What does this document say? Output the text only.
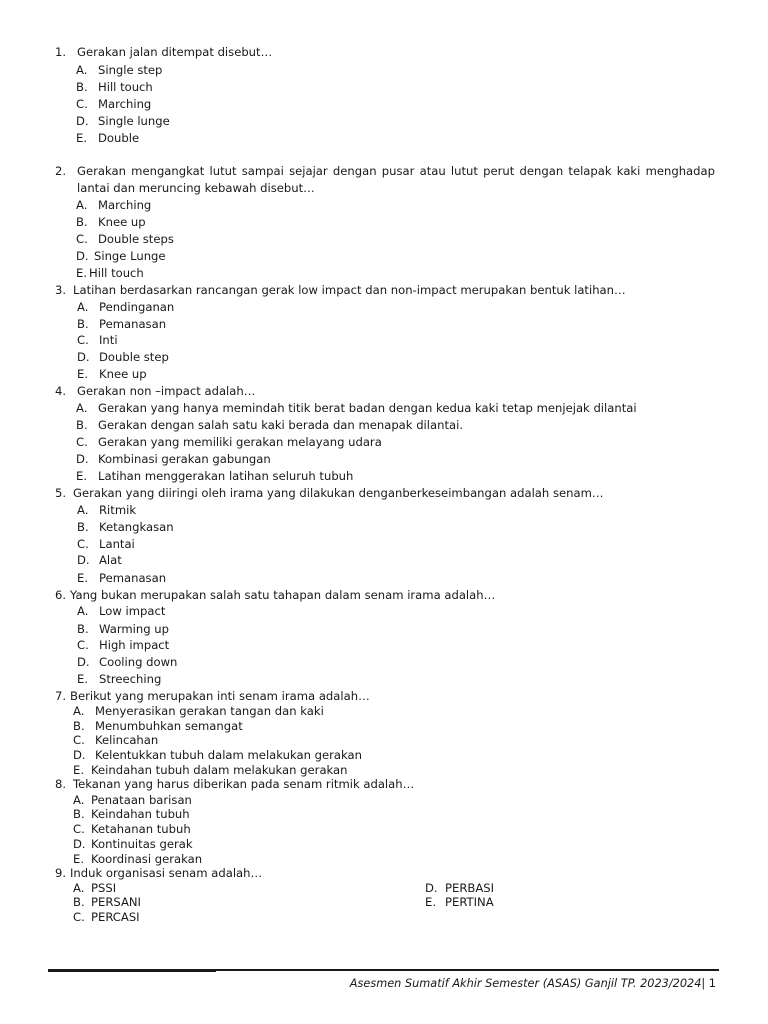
1. Gerakan jalan ditempat disebut…
A. Single step
B. Hill touch
C. Marching
D. Single lunge
E. Double
2. Gerakan mengangkat lutut sampai sejajar dengan pusar atau lutut perut dengan telapak kaki menghadap lantai dan meruncing kebawah disebut…
A. Marching
B. Knee up
C. Double steps
D. Singe Lunge
E. Hill touch
3. Latihan berdasarkan rancangan gerak low impact dan non-impact merupakan bentuk latihan…
A. Pendinganan
B. Pemanasan
C. Inti
D. Double step
E. Knee up
4. Gerakan non –impact adalah…
A. Gerakan yang hanya memindah titik berat badan dengan kedua kaki tetap menjejak dilantai
B. Gerakan dengan salah satu kaki berada dan menapak dilantai.
C. Gerakan yang memiliki gerakan melayang udara
D. Kombinasi gerakan gabungan
E. Latihan menggerakan latihan seluruh tubuh
5. Gerakan yang diiringi oleh irama yang dilakukan denganberkeseimbangan adalah senam…
A. Ritmik
B. Ketangkasan
C. Lantai
D. Alat
E. Pemanasan
6. Yang bukan merupakan salah satu tahapan dalam senam irama adalah…
A. Low impact
B. Warming up
C. High impact
D. Cooling down
E. Streeching
7. Berikut yang merupakan inti senam irama adalah…
A. Menyerasikan gerakan tangan dan kaki
B. Menumbuhkan semangat
C. Kelincahan
D. Kelentukkan tubuh dalam melakukan gerakan
E. Keindahan tubuh dalam melakukan gerakan
8. Tekanan yang harus diberikan pada senam ritmik adalah…
A. Penataan barisan
B. Keindahan tubuh
C. Ketahanan tubuh
D. Kontinuitas gerak
E. Koordinasi gerakan
9. Induk organisasi senam adalah…
A. PSSI
B. PERSANI
C. PERCASI
D. PERBASI
E. PERTINA
Asesmen Sumatif Akhir Semester (ASAS) Ganjil TP. 2023/2024| 1
